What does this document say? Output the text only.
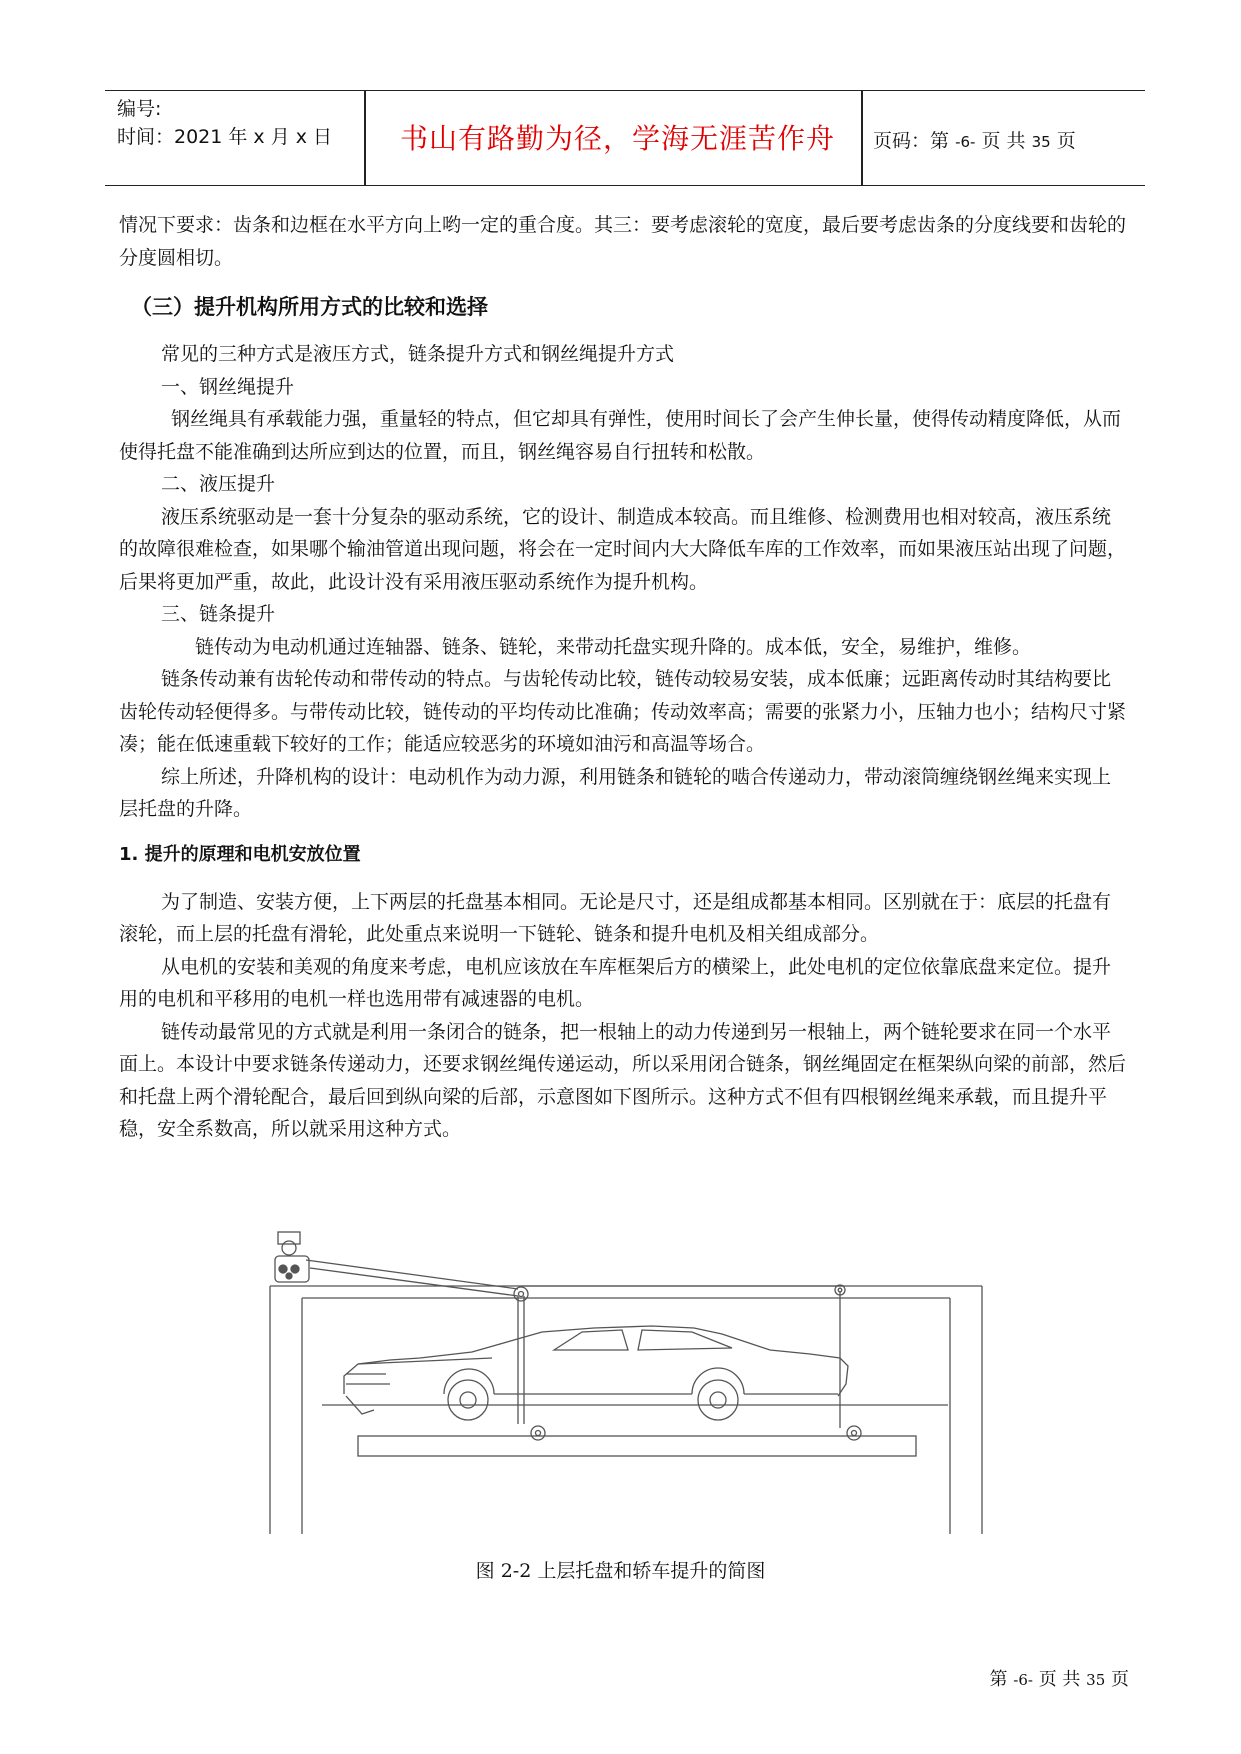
编号:
时间：2021 年 x 月 x 日	书山有路勤为径，学海无涯苦作舟	页码：第 -6- 页 共 35 页

情况下要求：齿条和边框在水平方向上哟一定的重合度。其三：要考虑滚轮的宽度，最后要考虑齿条的分度线要和齿轮的分度圆相切。

（三）提升机构所用方式的比较和选择

常见的三种方式是液压方式，链条提升方式和钢丝绳提升方式

一、钢丝绳提升

钢丝绳具有承载能力强，重量轻的特点，但它却具有弹性，使用时间长了会产生伸长量，使得传动精度降低，从而使得托盘不能准确到达所应到达的位置，而且，钢丝绳容易自行扭转和松散。

二、液压提升

液压系统驱动是一套十分复杂的驱动系统，它的设计、制造成本较高。而且维修、检测费用也相对较高，液压系统的故障很难检查，如果哪个输油管道出现问题，将会在一定时间内大大降低车库的工作效率，而如果液压站出现了问题，后果将更加严重，故此，此设计没有采用液压驱动系统作为提升机构。

三、链条提升

链传动为电动机通过连轴器、链条、链轮，来带动托盘实现升降的。成本低，安全，易维护，维修。

链条传动兼有齿轮传动和带传动的特点。与齿轮传动比较，链传动较易安装，成本低廉；远距离传动时其结构要比齿轮传动轻便得多。与带传动比较，链传动的平均传动比准确；传动效率高；需要的张紧力小，压轴力也小；结构尺寸紧凑；能在低速重载下较好的工作；能适应较恶劣的环境如油污和高温等场合。

综上所述，升降机构的设计：电动机作为动力源，利用链条和链轮的啮合传递动力，带动滚筒缠绕钢丝绳来实现上层托盘的升降。

1. 提升的原理和电机安放位置

为了制造、安装方便，上下两层的托盘基本相同。无论是尺寸，还是组成都基本相同。区别就在于：底层的托盘有滚轮，而上层的托盘有滑轮，此处重点来说明一下链轮、链条和提升电机及相关组成部分。

从电机的安装和美观的角度来考虑，电机应该放在车库框架后方的横梁上，此处电机的定位依靠底盘来定位。提升用的电机和平移用的电机一样也选用带有减速器的电机。

链传动最常见的方式就是利用一条闭合的链条，把一根轴上的动力传递到另一根轴上，两个链轮要求在同一个水平面上。本设计中要求链条传递动力，还要求钢丝绳传递运动，所以采用闭合链条，钢丝绳固定在框架纵向梁的前部，然后和托盘上两个滑轮配合，最后回到纵向梁的后部，示意图如下图所示。这种方式不但有四根钢丝绳来承载，而且提升平稳，安全系数高，所以就采用这种方式。

图 2-2 上层托盘和轿车提升的简图
第 -6- 页 共 35 页
